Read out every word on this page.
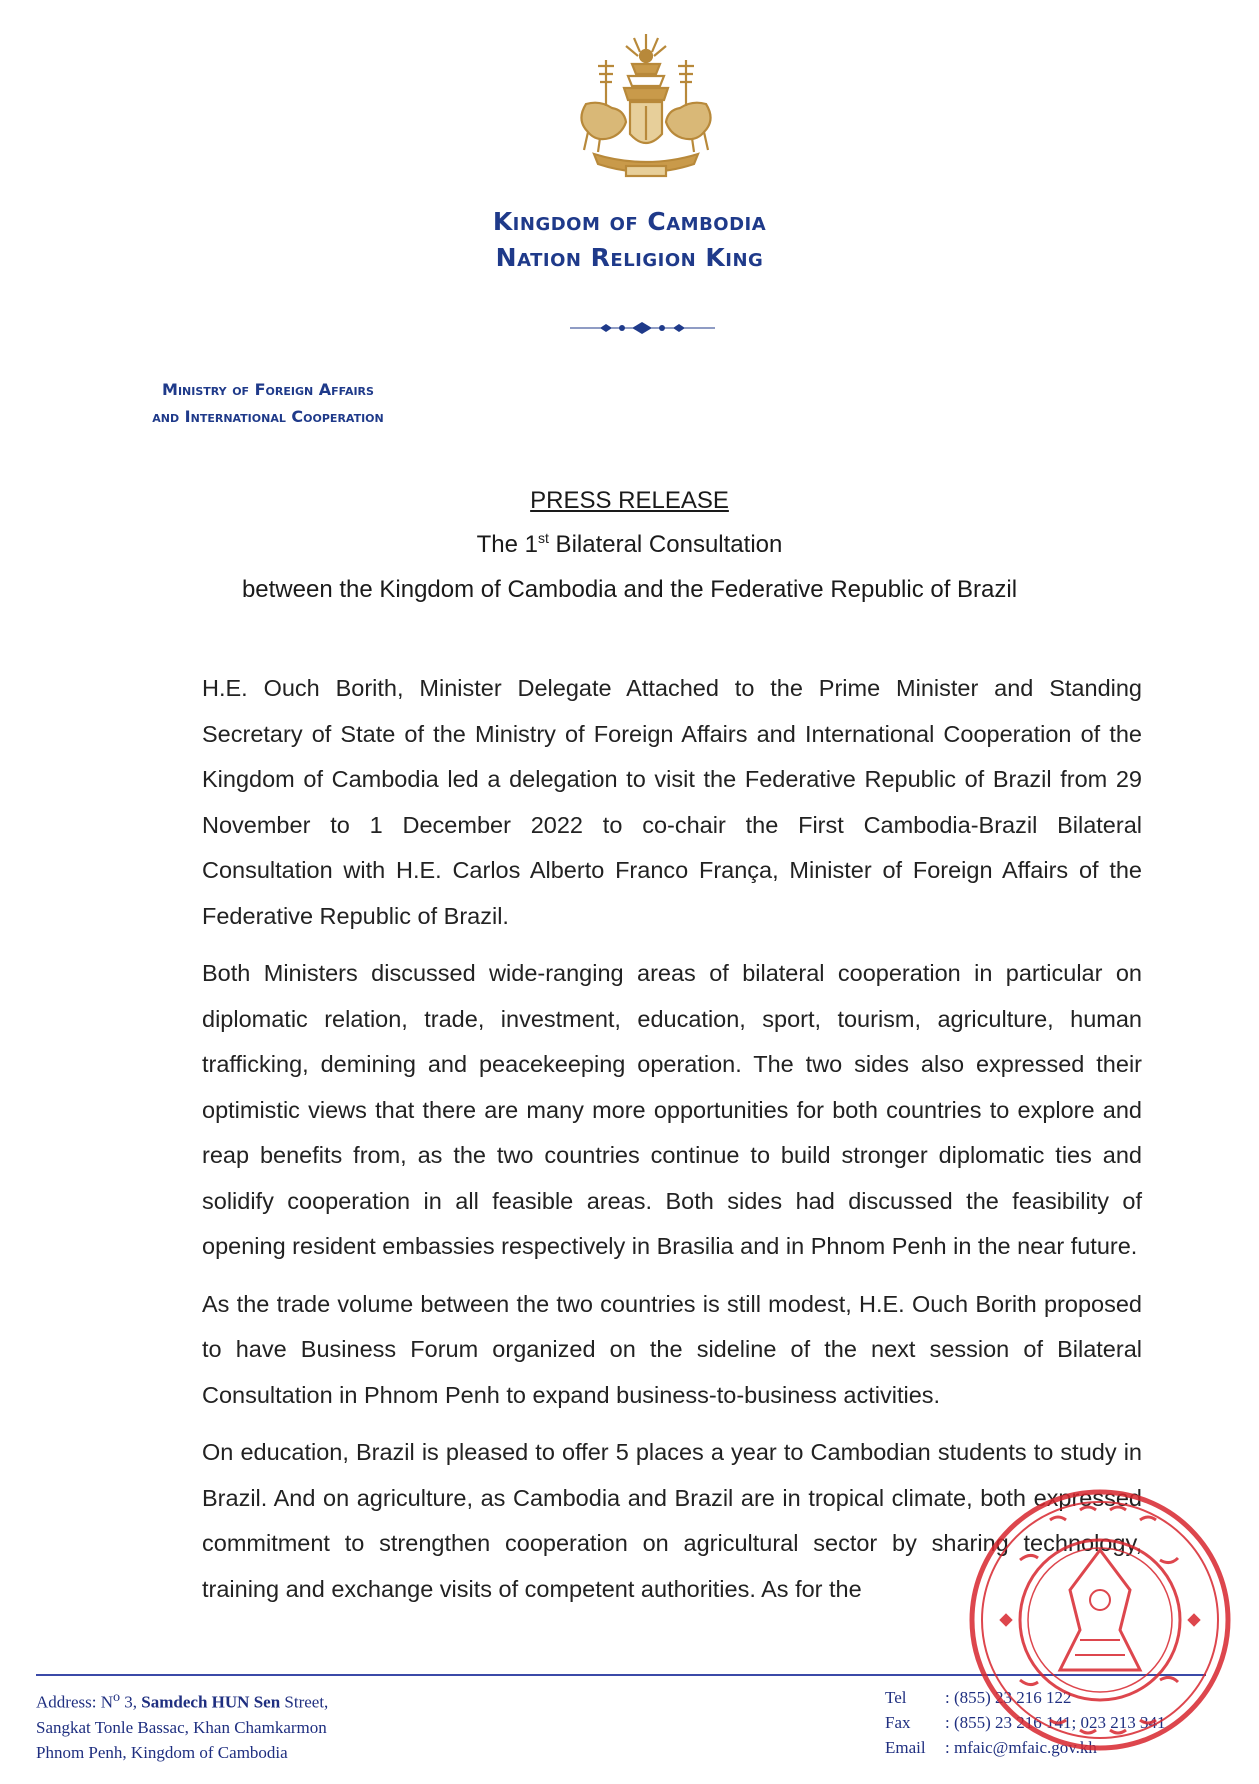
Kingdom of Cambodia
Nation Religion King
Ministry of Foreign Affairs
and International Cooperation
PRESS RELEASE
The 1st Bilateral Consultation
between the Kingdom of Cambodia and the Federative Republic of Brazil

H.E. Ouch Borith, Minister Delegate Attached to the Prime Minister and Standing Secretary of State of the Ministry of Foreign Affairs and International Cooperation of the Kingdom of Cambodia led a delegation to visit the Federative Republic of Brazil from 29 November to 1 December 2022 to co-chair the First Cambodia-Brazil Bilateral Consultation with H.E. Carlos Alberto Franco França, Minister of Foreign Affairs of the Federative Republic of Brazil.

Both Ministers discussed wide-ranging areas of bilateral cooperation in particular on diplomatic relation, trade, investment, education, sport, tourism, agriculture, human trafficking, demining and peacekeeping operation. The two sides also expressed their optimistic views that there are many more opportunities for both countries to explore and reap benefits from, as the two countries continue to build stronger diplomatic ties and solidify cooperation in all feasible areas. Both sides had discussed the feasibility of opening resident embassies respectively in Brasilia and in Phnom Penh in the near future.

As the trade volume between the two countries is still modest, H.E. Ouch Borith proposed to have Business Forum organized on the sideline of the next session of Bilateral Consultation in Phnom Penh to expand business-to-business activities.

On education, Brazil is pleased to offer 5 places a year to Cambodian students to study in Brazil. And on agriculture, as Cambodia and Brazil are in tropical climate, both expressed commitment to strengthen cooperation on agricultural sector by sharing technology, training and exchange visits of competent authorities. As for the

Address: $N^o$ 3, Samdech HUN Sen Street,
Sangkat Tonle Bassac, Khan Chamkarmon
Phnom Penh, Kingdom of Cambodia
Tel	: (855) 23 216 122
Fax	: (855) 23 216 141; 023 213 341
Email	: mfaic@mfaic.gov.kh
